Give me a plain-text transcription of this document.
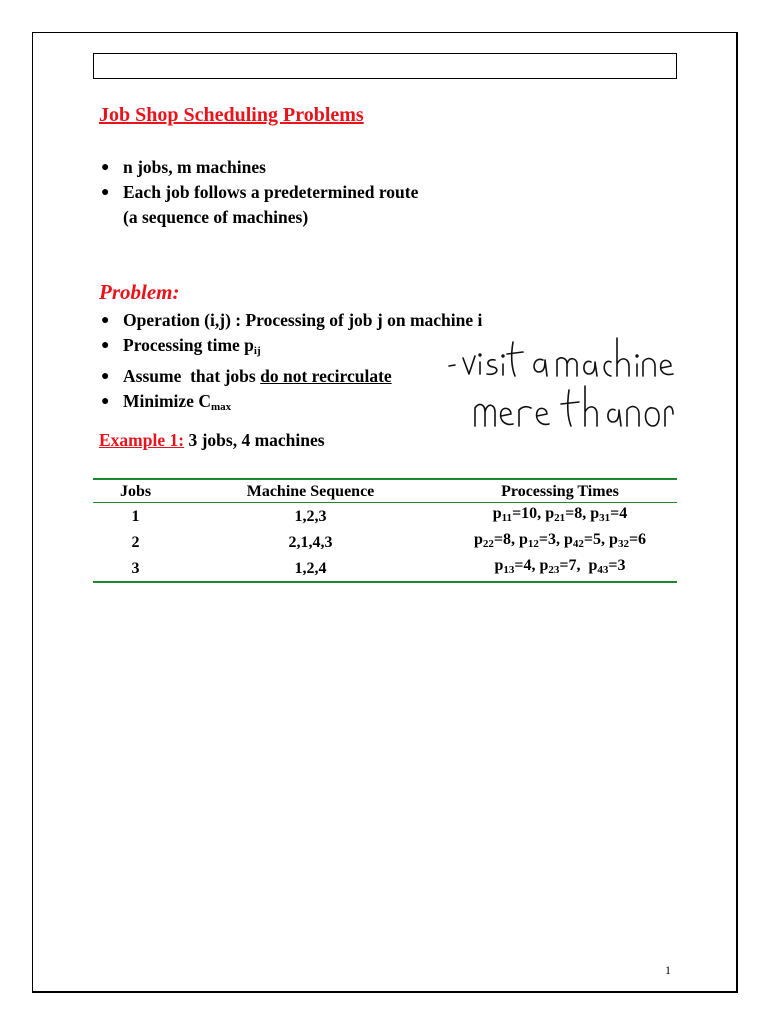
Job Shop Scheduling Problems
● n jobs, m machines
● Each job follows a predetermined route
(a sequence of machines)
Problem:
● Operation (i,j) : Processing of job j on machine i
● Processing time $p_{ij}$
● Assume  that jobs do not recirculate
● Minimize $C_{max}$
Example 1: 3 jobs, 4 machines
Jobs	Machine Sequence	Processing Times
1	1,2,3	$p_{11}=10$, $p_{21}=8$, $p_{31}=4$
2	2,1,4,3	$p_{22}=8$, $p_{12}=3$, $p_{42}=5$, $p_{32}=6$
3	1,2,4	$p_{13}=4$, $p_{23}=7$,  $p_{43}=3$
1
